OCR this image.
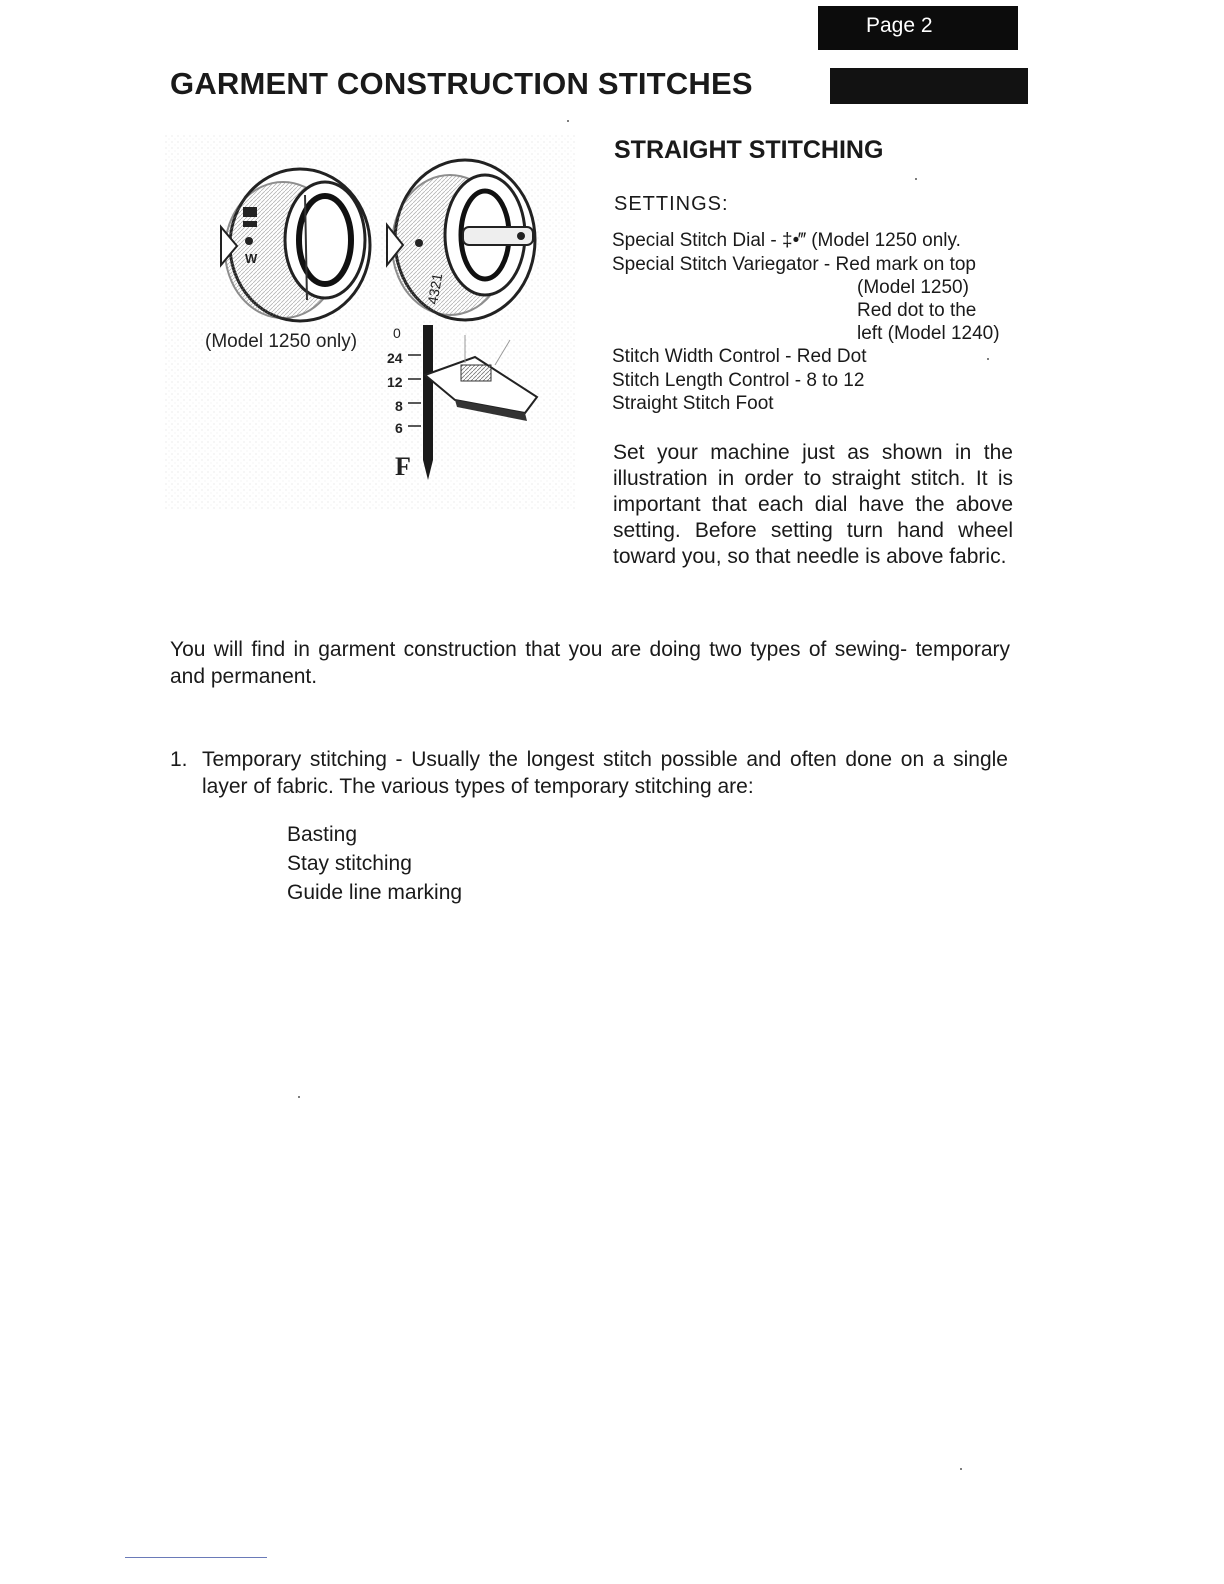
Page 2
GARMENT CONSTRUCTION STITCHES
W
4321
(Model 1250 only)	0
24
12
8
6
F
STRAIGHT STITCHING
SETTINGS:
Special Stitch Dial - ‡•‴ (Model 1250 only.
Special Stitch Variegator - Red mark on top
(Model 1250)
Red dot to the
left (Model 1240)
Stitch Width Control - Red Dot
Stitch Length Control - 8 to 12
Straight Stitch Foot
Set your machine just as shown in the illustration in order to straight stitch. It is important that each dial have the above setting. Before setting turn hand wheel toward you, so that needle is above fabric.
You will find in garment construction that you are doing two types of sewing- temporary and permanent.
1. Temporary stitching - Usually the longest stitch possible and often done on a single layer of fabric. The various types of temporary stitching are:
Basting
Stay stitching
Guide line marking
